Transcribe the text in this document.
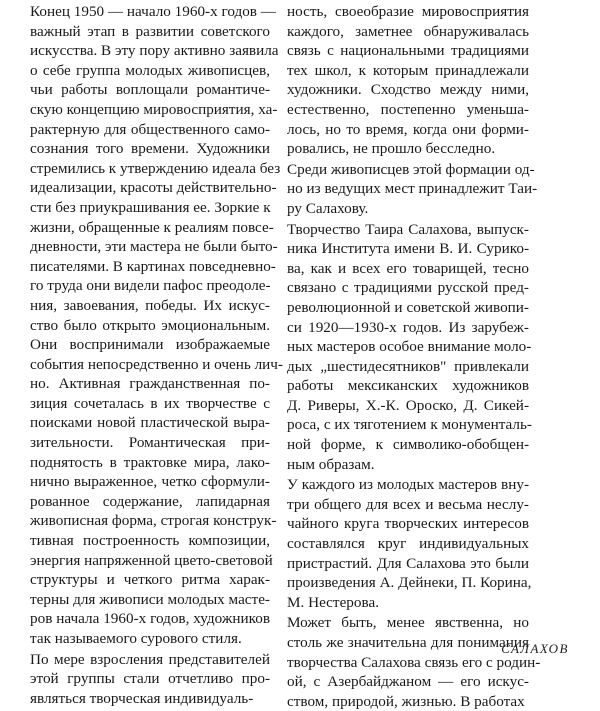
Конец 1950 — начало 1960-х годов —
важный этап в развитии советского
искусства. В эту пору активно заявила
о себе группа молодых живописцев,
чьи работы воплощали романтиче-
скую концепцию мировосприятия, ха-
рактерную для общественного само-
сознания того времени. Художники
стремились к утверждению идеала без
идеализации, красоты действительно-
сти без приукрашивания ее. Зоркие к
жизни, обращенные к реалиям повсе-
дневности, эти мастера не были быто-
писателями. В картинах повседневно-
го труда они видели пафос преодоле-
ния, завоевания, победы. Их искус-
ство было открыто эмоциональным.
Они воспринимали изображаемые
события непосредственно и очень лич-
но. Активная гражданственная по-
зиция сочеталась в их творчестве с
поисками новой пластической выра-
зительности. Романтическая при-
поднятость в трактовке мира, лако-
нично выраженное, четко сформули-
рованное содержание, лапидарная
живописная форма, строгая конструк-
тивная построенность композиции,
энергия напряженной цвето-световой
структуры и четкого ритма харак-
терны для живописи молодых масте-
ров начала 1960-х годов, художников
так называемого сурового стиля.
По мере взросления представителей
этой группы стали отчетливо про-
являться творческая индивидуаль-
ность, своеобразие мировосприятия
каждого, заметнее обнаруживалась
связь с национальными традициями
тех школ, к которым принадлежали
художники. Сходство между ними,
естественно, постепенно уменьша-
лось, но то время, когда они форми-
ровались, не прошло бесследно.
Среди живописцев этой формации од-
но из ведущих мест принадлежит Таи-
ру Салахову.
Творчество Таира Салахова, выпуск-
ника Института имени В. И. Сурико-
ва, как и всех его товарищей, тесно
связано с традициями русской пред-
революционной и советской живопи-
си 1920—1930-х годов. Из зарубеж-
ных мастеров особое внимание моло-
дых „шестидесятников" привлекали
работы мексиканских художников
Д. Риверы, Х.-К. Ороско, Д. Сикей-
роса, с их тяготением к монументаль-
ной форме, к символико-обобщен-
ным образам.
У каждого из молодых мастеров вну-
три общего для всех и весьма неслу-
чайного круга творческих интересов
составлялся круг индивидуальных
пристрастий. Для Салахова это были
произведения А. Дейнеки, П. Корина,
М. Нестерова.
Может быть, менее явственна, но
столь же значительна для понимания
творчества Салахова связь его с родин-
ой, с Азербайджаном — его искус-
ством, природой, жизнью. В работах
САЛАХОВ
